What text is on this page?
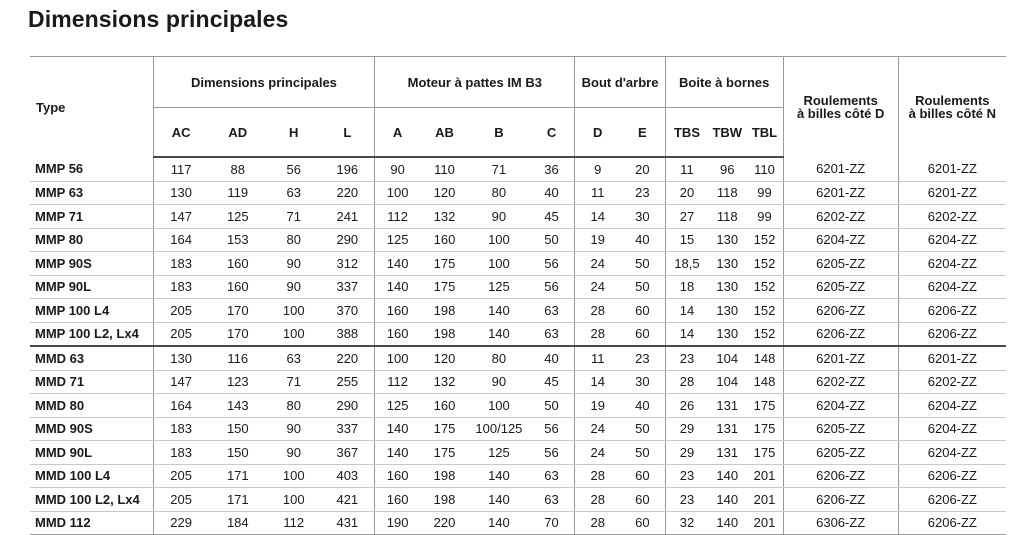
Dimensions principales
Type	Dimensions principales				Moteur à pattes IM B3				Bout d'arbre		Boite à bornes			Roulements
à billes côté D	Roulements
à billes côté N

	AC	AD	H	L	A	AB	B	C	D	E	TBS	TBW	TBL		
MMP 56	117	88	56	196	90	110	71	36	9	20	11	96	110	6201-ZZ	6201-ZZ
MMP 63	130	119	63	220	100	120	80	40	11	23	20	118	99	6201-ZZ	6201-ZZ
MMP 71	147	125	71	241	112	132	90	45	14	30	27	118	99	6202-ZZ	6202-ZZ
MMP 80	164	153	80	290	125	160	100	50	19	40	15	130	152	6204-ZZ	6204-ZZ
MMP 90S	183	160	90	312	140	175	100	56	24	50	18,5	130	152	6205-ZZ	6204-ZZ
MMP 90L	183	160	90	337	140	175	125	56	24	50	18	130	152	6205-ZZ	6204-ZZ
MMP 100 L4	205	170	100	370	160	198	140	63	28	60	14	130	152	6206-ZZ	6206-ZZ
MMP 100 L2, Lx4	205	170	100	388	160	198	140	63	28	60	14	130	152	6206-ZZ	6206-ZZ
MMD 63	130	116	63	220	100	120	80	40	11	23	23	104	148	6201-ZZ	6201-ZZ
MMD 71	147	123	71	255	112	132	90	45	14	30	28	104	148	6202-ZZ	6202-ZZ
MMD 80	164	143	80	290	125	160	100	50	19	40	26	131	175	6204-ZZ	6204-ZZ
MMD 90S	183	150	90	337	140	175	100/125	56	24	50	29	131	175	6205-ZZ	6204-ZZ
MMD 90L	183	150	90	367	140	175	125	56	24	50	29	131	175	6205-ZZ	6204-ZZ
MMD 100 L4	205	171	100	403	160	198	140	63	28	60	23	140	201	6206-ZZ	6206-ZZ
MMD 100 L2, Lx4	205	171	100	421	160	198	140	63	28	60	23	140	201	6206-ZZ	6206-ZZ
MMD 112	229	184	112	431	190	220	140	70	28	60	32	140	201	6306-ZZ	6206-ZZ
